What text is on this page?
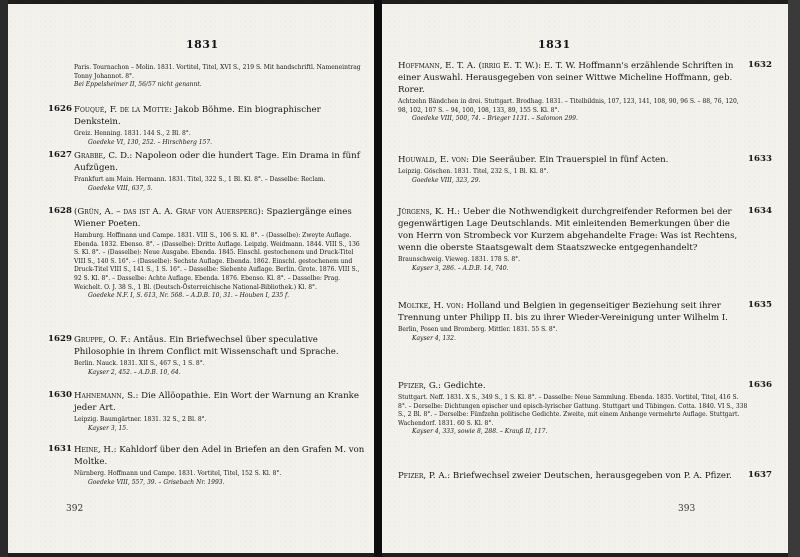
1831
Paris. Tournachon – Molin. 1831. Vortitel, Titel, XVI S., 219 S. Mit handschriftl. Nameneintrag Tonny Johannot. 8°.
Bei Eppelsheimer II, 56/57 nicht genannt.
1626 Fouqué, F. de la Motte: Jakob Böhme. Ein biographischer Denkstein.
Greiz. Henning. 1831. 144 S., 2 Bl. 8°.
Goedeke VI, 130, 252. – Hirschberg 157.
1627 Grabbe, C. D.: Napoleon oder die hundert Tage. Ein Drama in fünf Aufzügen.
Frankfurt am Main. Hermann. 1831. Titel, 322 S., 1 Bl. Kl. 8°. – Dasselbe: Reclam.
Goedeke VIII, 637, 5.
1628 (Grün, A. – das ist A. A. Graf von Auersperg): Spaziergänge eines Wiener Poeten.
Hamburg. Hoffmann und Campe. 1831. VIII S., 106 S. Kl. 8°. – (Dasselbe): Zweyte Auflage. Ebenda. 1832. Ebenso. 8°. – (Dasselbe): Dritte Auflage. Leipzig. Weidmann. 1844. VIII S., 136 S. Kl. 8°. – (Dasselbe): Neue Ausgabe. Ebenda. 1845. Einschl. gestochenem und Druck-Titel VIII S., 140 S. 16°. – (Dasselbe): Sechste Auflage. Ebenda. 1862. Einschl. gestochenem und Druck-Titel VIII S., 141 S., 1 S. 16°. – Dasselbe: Siebente Auflage. Berlin. Grote. 1876. VIII S., 92 S. Kl. 8°. – Dasselbe: Achte Auflage. Ebenda. 1876. Ebenso. Kl. 8°. – Dasselbe: Prag. Weichelt. O. J. 38 S., 1 Bl. (Deutsch-Österreichische National-Bibliothek.) Kl. 8°.
Goedeke N.F. I, S. 613, Nr. 568. – A.D.B. 10, 31. – Houben I, 235 f.
1629 Gruppe, O. F.: Antäus. Ein Briefwechsel über speculative Philosophie in ihrem Conflict mit Wissenschaft und Sprache.
Berlin. Nauck. 1831. XII S., 467 S., 1 S. 8°.
Kayser 2, 452. – A.D.B. 10, 64.
1630 Hahnemann, S.: Die Allöopathie. Ein Wort der Warnung an Kranke jeder Art.
Leipzig. Baumgärtner. 1831. 32 S., 2 Bl. 8°.
Kayser 3, 15.
1631 Heine, H.: Kahldorf über den Adel in Briefen an den Grafen M. von Moltke.
Nürnberg. Hoffmann und Campe. 1831. Vortitel, Titel, 152 S. Kl. 8°.
Goedeke VIII, 557, 39. – Grisebach Nr. 1993.
392
1831
1632
Hoffmann, E. T. A. (irrig E. T. W.): E. T. W. Hoffmann's erzählende Schriften in einer Auswahl. Herausgegeben von seiner Wittwe Micheline Hoffmann, geb. Rorer.
Achtzehn Bändchen in drei. Stuttgart. Brodhag. 1831. – Titelbildnis, 107, 123, 141, 108, 90, 96 S. – 88, 76, 120, 98, 102, 107 S. – 94, 100, 108, 133, 89, 155 S. Kl. 8°.
Goedeke VIII, 500, 74. – Brieger 1131. – Salomon 299.
1633
Houwald, E. von: Die Seeräuber. Ein Trauerspiel in fünf Acten.
Leipzig. Göschen. 1831. Titel, 232 S., 1 Bl. Kl. 8°.
Goedeke VIII, 323, 29.
1634
Jürgens, K. H.: Ueber die Nothwendigkeit durchgreifender Reformen bei der gegenwärtigen Lage Deutschlands. Mit einleitenden Bemerkungen über die von Herrn von Strombeck vor Kurzem abgehandelte Frage: Was ist Rechtens, wenn die oberste Staatsgewalt dem Staatszwecke entgegenhandelt?
Braunschweig. Vieweg. 1831. 178 S. 8°.
Kayser 3, 286. – A.D.B. 14, 740.
1635
Moltke, H. von: Holland und Belgien in gegenseitiger Beziehung seit ihrer Trennung unter Philipp II. bis zu ihrer Wieder-Vereinigung unter Wilhelm I.
Berlin, Posen und Bromberg. Mittler. 1831. 55 S. 8°.
Kayser 4, 132.
1636
Pfizer, G.: Gedichte.
Stuttgart. Neff. 1831. X S., 349 S., 1 S. Kl. 8°. – Dasselbe: Neue Sammlung. Ebenda. 1835. Vortitel, Titel, 416 S. 8°. – Derselbe: Dichtungen epischer und episch-lyrischer Gattung. Stuttgart und Tübingen. Cotta. 1840. VI S., 338 S., 2 Bl. 8°. – Derselbe: Fünfzehn politische Gedichte. Zweite, mit einem Anhange vermehrte Auflage. Stuttgart. Wachendorf. 1831. 60 S. Kl. 8°.
Kayser 4, 333, sowie 8, 288. – Krauß II, 117.
1637
Pfizer, P. A.: Briefwechsel zweier Deutschen, herausgegeben von P. A. Pfizer.
393
